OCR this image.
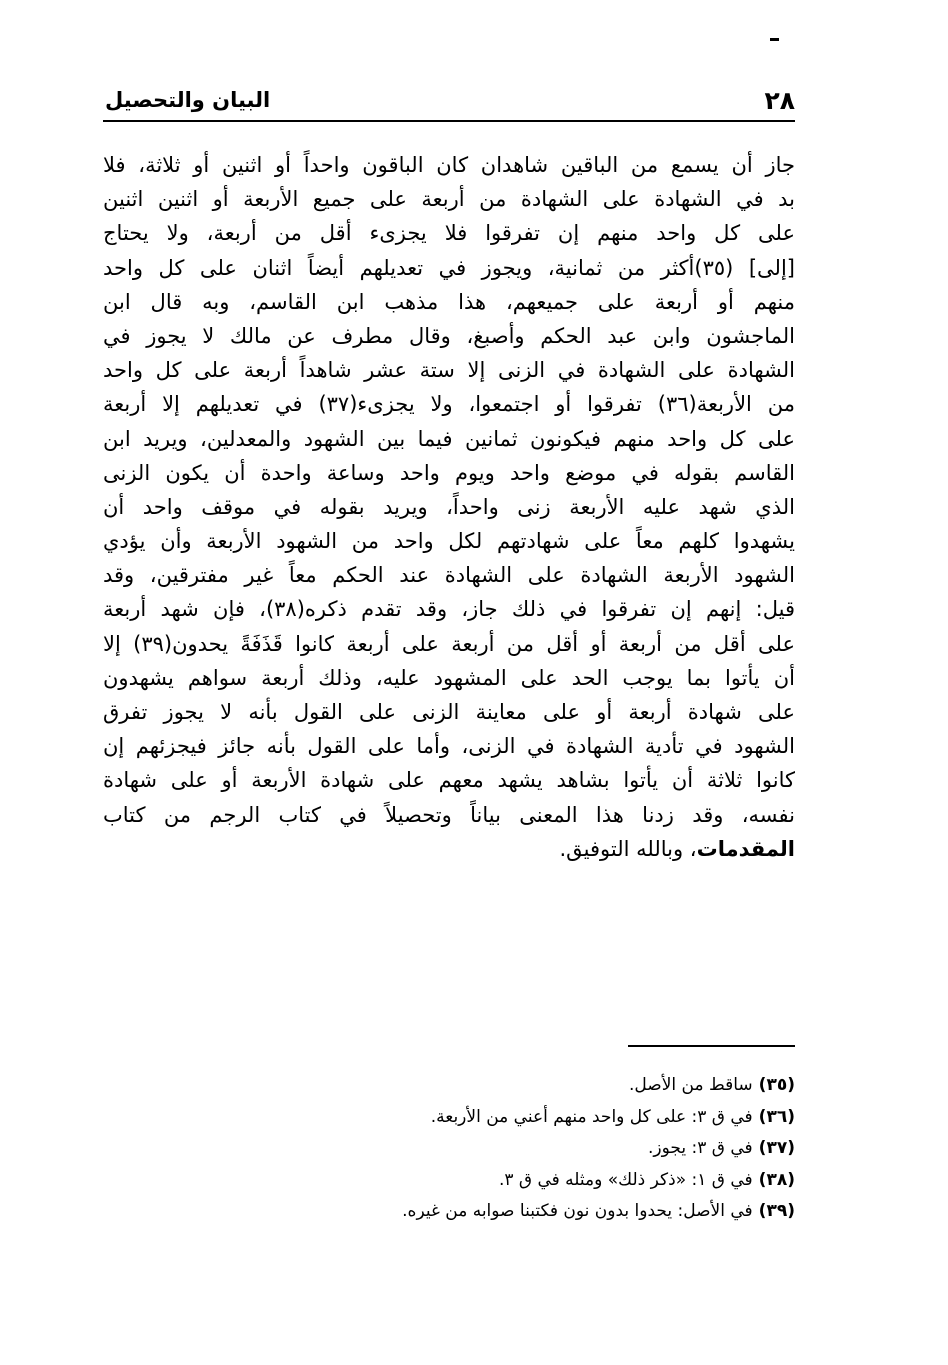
٢٨
البيان والتحصيل
جاز أن يسمع من الباقين شاهدان كان الباقون واحداً أو اثنين أو ثلاثة، فلا
بد في الشهادة على الشهادة من أربعة على جميع الأربعة أو اثنين اثنين
على كل واحد منهم إن تفرقوا فلا يجزىء أقل من أربعة، ولا يحتاج
[إلى] (٣٥)أكثر من ثمانية، ويجوز في تعديلهم أيضاً اثنان على كل واحد
منهم أو أربعة على جميعهم، هذا مذهب ابن القاسم، وبه قال ابن
الماجشون وابن عبد الحكم وأصبغ، وقال مطرف عن مالك لا يجوز في
الشهادة على الشهادة في الزنى إلا ستة عشر شاهداً أربعة على كل واحد
من الأربعة(٣٦) تفرقوا أو اجتمعوا، ولا يجزىء(٣٧) في تعديلهم إلا أربعة
على كل واحد منهم فيكونون ثمانين فيما بين الشهود والمعدلين، ويريد ابن
القاسم بقوله في موضع واحد ويوم واحد وساعة واحدة أن يكون الزنى
الذي شهد عليه الأربعة زنى واحداً، ويريد بقوله في موقف واحد أن
يشهدوا كلهم معاً على شهادتهم لكل واحد من الشهود الأربعة وأن يؤدي
الشهود الأربعة الشهادة على الشهادة عند الحكم معاً غير مفترقين، وقد
قيل: إنهم إن تفرقوا في ذلك جاز، وقد تقدم ذكره(٣٨)، فإن شهد أربعة
على أقل من أربعة أو أقل من أربعة على أربعة كانوا قَذَفَةً يحدون(٣٩) إلا
أن يأتوا بما يوجب الحد على المشهود عليه، وذلك أربعة سواهم يشهدون
على شهادة أربعة أو على معاينة الزنى على القول بأنه لا يجوز تفرق
الشهود في تأدية الشهادة في الزنى، وأما على القول بأنه جائز فيجزئهم إن
كانوا ثلاثة أن يأتوا بشاهد يشهد معهم على شهادة الأربعة أو على شهادة
نفسه، وقد زدنا هذا المعنى بياناً وتحصيلاً في كتاب الرجم من كتاب
المقدمات، وبالله التوفيق.
(٣٥)ساقط من الأصل.
(٣٦)في ق ٣: على كل واحد منهم أعني من الأربعة.
(٣٧)في ق ٣: يجوز.
(٣٨)في ق ١: «ذكر ذلك» ومثله في ق ٣.
(٣٩)في الأصل: يحدوا بدون نون فكتبنا صوابه من غيره.
